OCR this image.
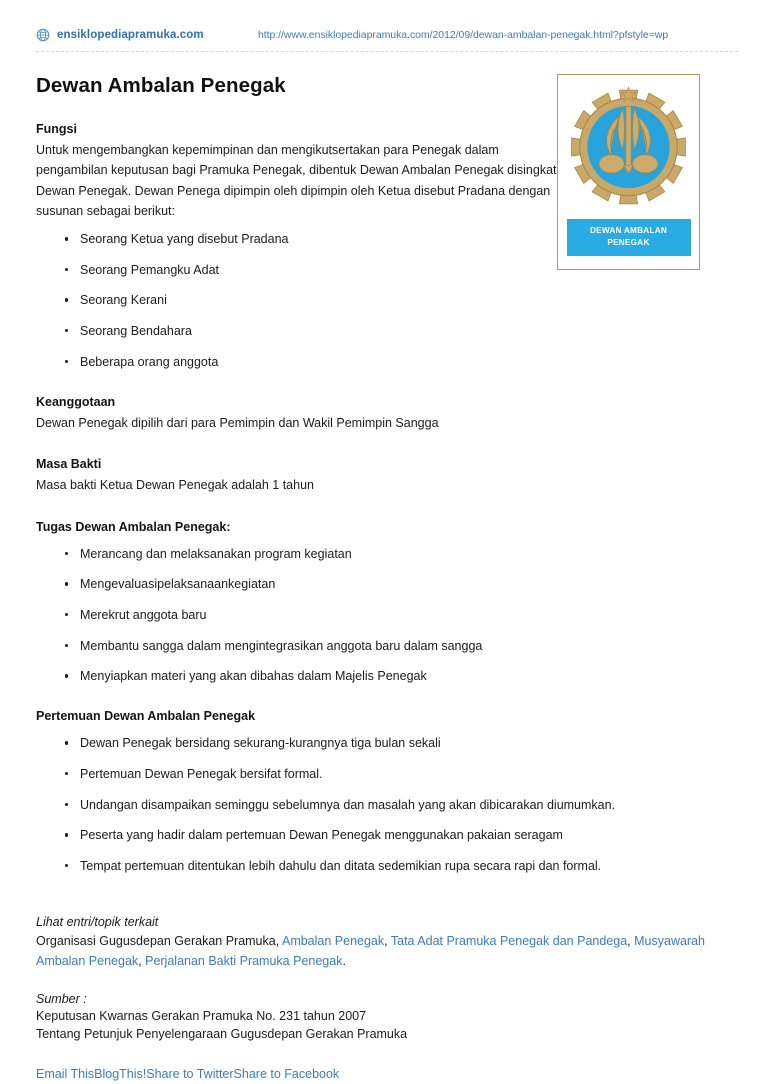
ensiklopediapramuka.com	http://www.ensiklopediapramuka.com/2012/09/dewan-ambalan-penegak.html?pfstyle=wp
Dewan Ambalan Penegak
DEWAN AMBALAN
PENEGAK
Fungsi

Untuk mengembangkan kepemimpinan dan mengikutsertakan para Penegak dalam pengambilan keputusan bagi Pramuka Penegak, dibentuk Dewan Ambalan Penegak disingkat Dewan Penegak. Dewan Penega dipimpin oleh dipimpin oleh Ketua disebut Pradana dengan susunan sebagai berikut:

Seorang Ketua yang disebut Pradana
Seorang Pemangku Adat
Seorang Kerani
Seorang Bendahara
Beberapa orang anggota
Keanggotaan

Dewan Penegak dipilih dari para Pemimpin dan Wakil Pemimpin Sangga

Masa Bakti

Masa bakti Ketua Dewan Penegak adalah 1 tahun

Tugas Dewan Ambalan Penegak:
Merancang dan melaksanakan program kegiatan
Mengevaluasipelaksanaankegiatan
Merekrut anggota baru
Membantu sangga dalam mengintegrasikan anggota baru dalam sangga
Menyiapkan materi yang akan dibahas dalam Majelis Penegak
Pertemuan Dewan Ambalan Penegak
Dewan Penegak bersidang sekurang-kurangnya tiga bulan sekali
Pertemuan Dewan Penegak bersifat formal.
Undangan disampaikan seminggu sebelumnya dan masalah yang akan dibicarakan diumumkan.
Peserta yang hadir dalam pertemuan Dewan Penegak menggunakan pakaian seragam
Tempat pertemuan ditentukan lebih dahulu dan ditata sedemikian rupa secara rapi dan formal.

Lihat entri/topik terkait

Organisasi Gugusdepan Gerakan Pramuka, Ambalan Penegak, Tata Adat Pramuka Penegak dan Pandega, Musyawarah Ambalan Penegak, Perjalanan Bakti Pramuka Penegak.

Sumber :

Keputusan Kwarnas Gerakan Pramuka No. 231 tahun 2007

Tentang Petunjuk Penyelengaraan Gugusdepan Gerakan Pramuka

Email ThisBlogThis!Share to TwitterShare to Facebook
